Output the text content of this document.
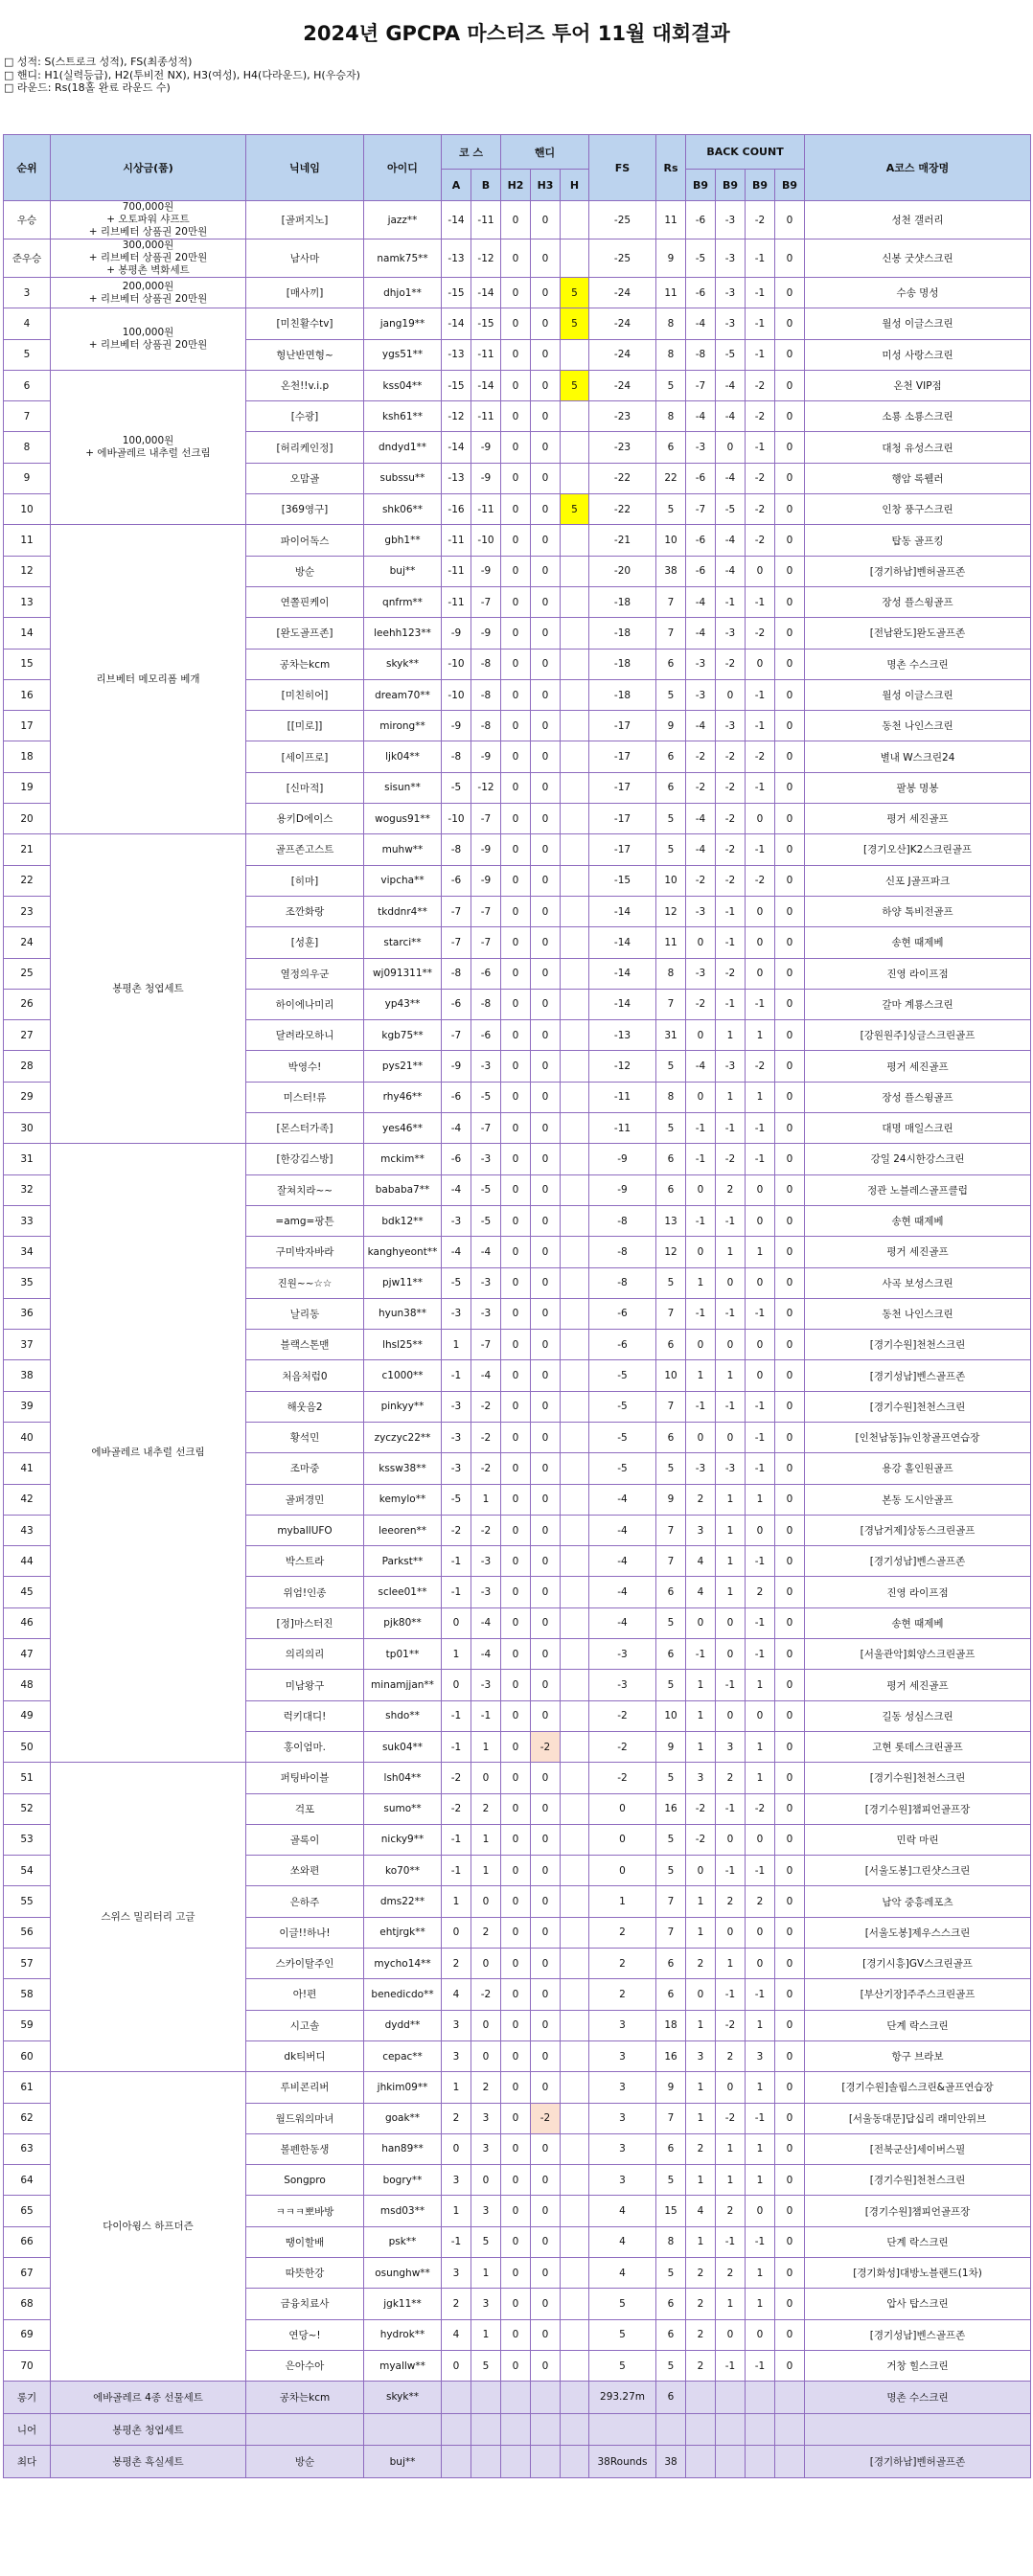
2024년 GPCPA 마스터즈 투어 11월 대회결과
□ 성적: S(스트로크 성적), FS(최종성적)
□ 핸디: H1(실력등급), H2(투비전 NX), H3(여성), H4(다라운드), H(우승자)
□ 라운드: Rs(18홀 완료 라운드 수)
순위	시상금(품)	닉네임	아이디	코 스		핸디			FS	Rs	BACK COUNT				A코스 매장명
				A	B	H2	H3	H			B9	B9	B9	B9	
우승	700,000원
+ 오토파워 샤프트
+ 리브베터 상품권 20만원	[골퍼지노]	jazz**	-14	-11	0	0		-25	11	-6	-3	-2	0	성천 갤러리
준우승	300,000원
+ 리브베터 상품권 20만원
+ 봉평촌 벽화세트	남사마	namk75**	-13	-12	0	0		-25	9	-5	-3	-1	0	신봉 굿샷스크린
3	200,000원
+ 리브베터 상품권 20만원	[매사끼]	dhjo1**	-15	-14	0	0	5	-24	11	-6	-3	-1	0	수송 명성
4	100,000원
+ 리브베터 상품권 20만원	[미친활수tv]	jang19**	-14	-15	0	0	5	-24	8	-4	-3	-1	0	월성 이글스크린
5		형난반면형~	ygs51**	-13	-11	0	0		-24	8	-8	-5	-1	0	미성 사랑스크린
6	100,000원
+ 에바골레르 내추럴 선크림	온천!!v.i.p	kss04**	-15	-14	0	0	5	-24	5	-7	-4	-2	0	온천 VIP점
7		[수광]	ksh61**	-12	-11	0	0		-23	8	-4	-4	-2	0	소룡 소룡스크린
8		[허리케인정]	dndyd1**	-14	-9	0	0		-23	6	-3	0	-1	0	대청 유성스크린
9		오맘골	subssu**	-13	-9	0	0		-22	22	-6	-4	-2	0	행암 록웰러
10		[369영구]	shk06**	-16	-11	0	0	5	-22	5	-7	-5	-2	0	인창 풍구스크린
11	리브베터 메모리폼 베개	파이어독스	gbh1**	-11	-10	0	0		-21	10	-6	-4	-2	0	탑동 골프킹
12		방순	buj**	-11	-9	0	0		-20	38	-6	-4	0	0	[경기하남]벤허골프존
13		연쫄핀케이	qnfrm**	-11	-7	0	0		-18	7	-4	-1	-1	0	장성 플스윙골프
14		[완도골프존]	leehh123**	-9	-9	0	0		-18	7	-4	-3	-2	0	[전남완도]완도골프존
15		공차는kcm	skyk**	-10	-8	0	0		-18	6	-3	-2	0	0	명촌 수스크린
16		[미친히어]	dream70**	-10	-8	0	0		-18	5	-3	0	-1	0	월성 이글스크린
17		[[미로]]	mirong**	-9	-8	0	0		-17	9	-4	-3	-1	0	동천 나인스크린
18		[세이프로]	ljk04**	-8	-9	0	0		-17	6	-2	-2	-2	0	별내 W스크린24
19		[신마적]	sisun**	-5	-12	0	0		-17	6	-2	-2	-1	0	팔봉 명봉
20		용키D에이스	wogus91**	-10	-7	0	0		-17	5	-4	-2	0	0	평거 세진골프
21	봉평촌 청엽세트	골프존고스트	muhw**	-8	-9	0	0		-17	5	-4	-2	-1	0	[경기오산]K2스크린골프
22		[히마]	vipcha**	-6	-9	0	0		-15	10	-2	-2	-2	0	신포 J골프파크
23		조깐화랑	tkddnr4**	-7	-7	0	0		-14	12	-3	-1	0	0	하양 톡비전골프
24		[성훈]	starci**	-7	-7	0	0		-14	11	0	-1	0	0	송현 때제베
25		열정의우군	wj091311**	-8	-6	0	0		-14	8	-3	-2	0	0	진영 라이프점
26		하이에나미리	yp43**	-6	-8	0	0		-14	7	-2	-1	-1	0	갈마 계룡스크린
27		달려라모하니	kgb75**	-7	-6	0	0		-13	31	0	1	1	0	[강원원주]싱글스크린골프
28		박영수!	pys21**	-9	-3	0	0		-12	5	-4	-3	-2	0	평거 세진골프
29		미스터!류	rhy46**	-6	-5	0	0		-11	8	0	1	1	0	장성 플스윙골프
30		[몬스터가족]	yes46**	-4	-7	0	0		-11	5	-1	-1	-1	0	대명 매일스크린
31	에바골레르 내추럴 선크림	[한강김스방]	mckim**	-6	-3	0	0		-9	6	-1	-2	-1	0	강일 24시한강스크린
32		잘쳐치라~~	bababa7**	-4	-5	0	0		-9	6	0	2	0	0	정관 노블레스골프클럽
33		=amg=팡튼	bdk12**	-3	-5	0	0		-8	13	-1	-1	0	0	송현 때제베
34		구미박자바라	kanghyeont**	-4	-4	0	0		-8	12	0	1	1	0	평거 세진골프
35		진원~~☆☆	pjw11**	-5	-3	0	0		-8	5	1	0	0	0	사곡 보성스크린
36		날리동	hyun38**	-3	-3	0	0		-6	7	-1	-1	-1	0	동천 나인스크린
37		블랙스톤맨	lhsl25**	1	-7	0	0		-6	6	0	0	0	0	[경기수원]천천스크린
38		처음처럼0	c1000**	-1	-4	0	0		-5	10	1	1	0	0	[경기성남]벤스골프존
39		해웃음2	pinkyy**	-3	-2	0	0		-5	7	-1	-1	-1	0	[경기수원]천천스크린
40		황석민	zyczyc22**	-3	-2	0	0		-5	6	0	0	-1	0	[인천남동]뉴인창골프연습장
41		조마중	kssw38**	-3	-2	0	0		-5	5	-3	-3	-1	0	용강 홀인원골프
42		골퍼경민	kemylo**	-5	1	0	0		-4	9	2	1	1	0	본동 도시안골프
43		myballUFO	leeoren**	-2	-2	0	0		-4	7	3	1	0	0	[경남거제]상동스크린골프
44		박스트라	Parkst**	-1	-3	0	0		-4	7	4	1	-1	0	[경기성남]벤스골프존
45		위엄!인종	sclee01**	-1	-3	0	0		-4	6	4	1	2	0	진영 라이프점
46		[정]마스터진	pjk80**	0	-4	0	0		-4	5	0	0	-1	0	송현 때제베
47		의리의리	tp01**	1	-4	0	0		-3	6	-1	0	-1	0	[서울관악]회양스크린골프
48		미남왕구	minamjjan**	0	-3	0	0		-3	5	1	-1	1	0	평거 세진골프
49		럭키대디!	shdo**	-1	-1	0	0		-2	10	1	0	0	0	길동 성심스크린
50		홍이엄마.	suk04**	-1	1	0	-2		-2	9	1	3	1	0	고현 롯데스크린골프
51	스위스 밀리터리 고글	퍼팅바이블	lsh04**	-2	0	0	0		-2	5	3	2	1	0	[경기수원]천천스크린
52		걱포	sumo**	-2	2	0	0		0	16	-2	-1	-2	0	[경기수원]챔피언골프장
53		골록이	nicky9**	-1	1	0	0		0	5	-2	0	0	0	민락 마린
54		쏘와편	ko70**	-1	1	0	0		0	5	0	-1	-1	0	[서울도봉]그린샷스크린
55		은하주	dms22**	1	0	0	0		1	7	1	2	2	0	남악 중흥레포츠
56		이글!!하나!	ehtjrgk**	0	2	0	0		2	7	1	0	0	0	[서울도봉]제우스스크린
57		스카이탈주인	mycho14**	2	0	0	0		2	6	2	1	0	0	[경기시흥]GV스크린골프
58		아!편	benedicdo**	4	-2	0	0		2	6	0	-1	-1	0	[부산기장]주주스크린골프
59		시고솔	dydd**	3	0	0	0		3	18	1	-2	1	0	단계 락스크린
60		dk티버디	cepac**	3	0	0	0		3	16	3	2	3	0	항구 브라보
61	다이아윙스 하프더즌	루비콘리버	jhkim09**	1	2	0	0		3	9	1	0	1	0	[경기수원]솔림스크린&골프연습장
62		월드워의마녀	goak**	2	3	0	-2		3	7	1	-2	-1	0	[서울동대문]답십리 래미안위브
63		볼펜한동생	han89**	0	3	0	0		3	6	2	1	1	0	[전북군산]세이버스필
64		Songpro	bogry**	3	0	0	0		3	5	1	1	1	0	[경기수원]천천스크린
65		ㅋㅋㅋ뽀바방	msd03**	1	3	0	0		4	15	4	2	0	0	[경기수원]챔피언골프장
66		땡이할배	psk**	-1	5	0	0		4	8	1	-1	-1	0	단계 락스크린
67		따뜻한강	osunghw**	3	1	0	0		4	5	2	2	1	0	[경기화성]대방노블랜드(1차)
68		금융치료사	jgk11**	2	3	0	0		5	6	2	1	1	0	압사 탑스크린
69		연당~!	hydrok**	4	1	0	0		5	6	2	0	0	0	[경기성남]벤스골프존
70		은아수아	myallw**	0	5	0	0		5	5	2	-1	-1	0	거창 힐스크린
롱기	에바골레르 4종 선물세트	공차는kcm	skyk**						293.27m	6					명촌 수스크린
니어	봉평촌 청엽세트														
최다	봉평촌 흑실세트	방순	buj**						38Rounds	38					[경기하남]벤허골프존
